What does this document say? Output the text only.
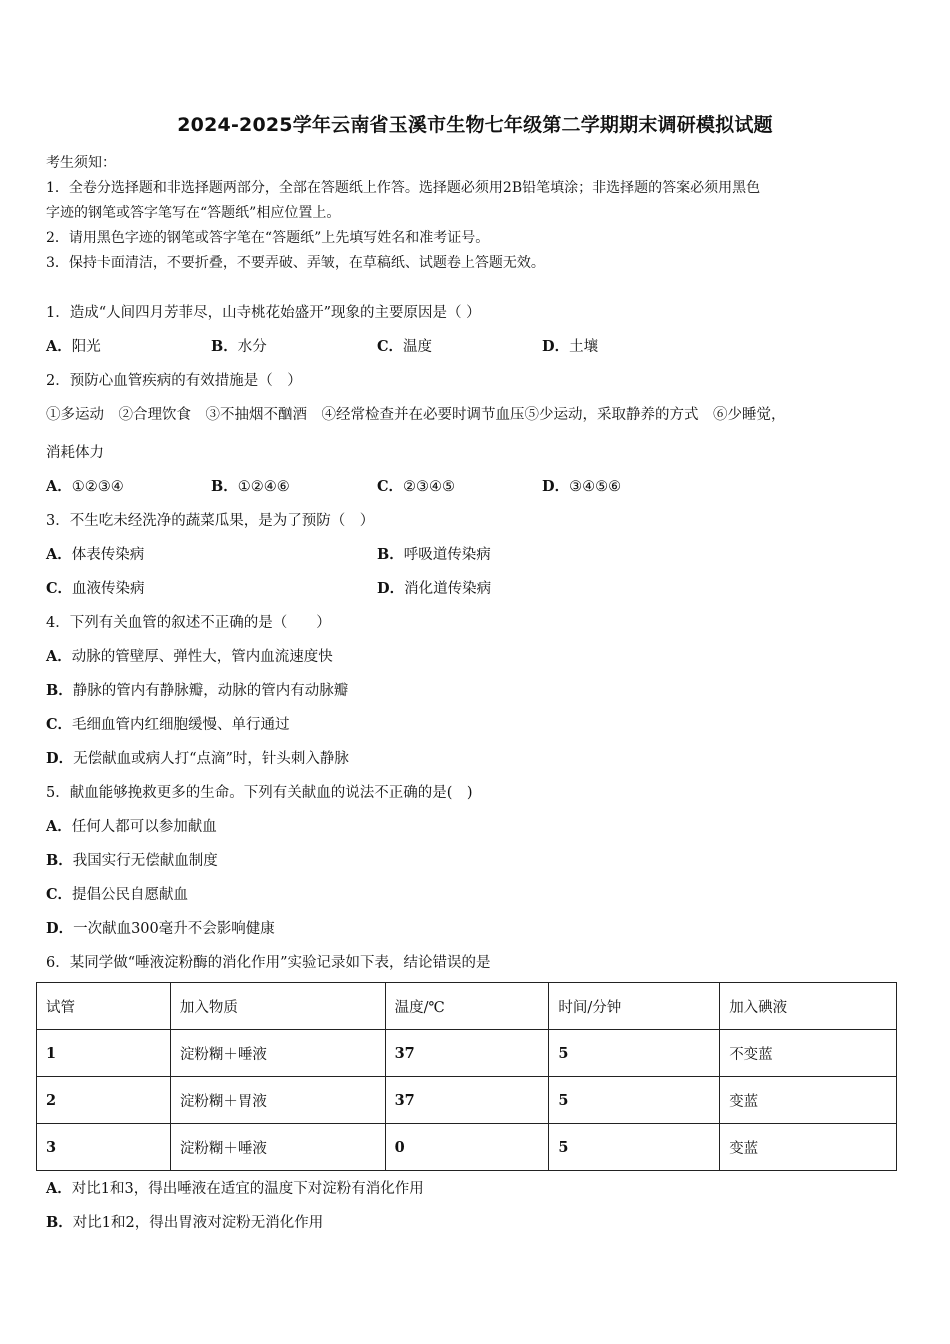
2024-2025学年云南省玉溪市生物七年级第二学期期末调研模拟试题
考生须知：
1．全卷分选择题和非选择题两部分，全部在答题纸上作答。选择题必须用2B铅笔填涂；非选择题的答案必须用黑色
字迹的钢笔或答字笔写在“答题纸”相应位置上。
2．请用黑色字迹的钢笔或答字笔在“答题纸”上先填写姓名和准考证号。
3．保持卡面清洁，不要折叠，不要弄破、弄皱，在草稿纸、试题卷上答题无效。
1．造成“人间四月芳菲尽，山寺桃花始盛开”现象的主要原因是（ ）
A．阳光	B．水分	C．温度	D．土壤
2．预防心血管疾病的有效措施是（　）
①多运动　②合理饮食　③不抽烟不酗酒　④经常检查并在必要时调节血压⑤少运动，采取静养的方式　⑥少睡觉，
消耗体力
A．①②③④	B．①②④⑥	C．②③④⑤	D．③④⑤⑥
3．不生吃未经洗净的蔬菜瓜果，是为了预防（　）
A．体表传染病	B．呼吸道传染病
C．血液传染病	D．消化道传染病
4．下列有关血管的叙述不正确的是（　　）
A．动脉的管壁厚、弹性大，管内血流速度快
B．静脉的管内有静脉瓣，动脉的管内有动脉瓣
C．毛细血管内红细胞缓慢、单行通过
D．无偿献血或病人打“点滴”时，针头刺入静脉
5．献血能够挽救更多的生命。下列有关献血的说法不正确的是(　)
A．任何人都可以参加献血
B．我国实行无偿献血制度
C．提倡公民自愿献血
D．一次献血300毫升不会影响健康
6．某同学做“唾液淀粉酶的消化作用”实验记录如下表，结论错误的是
试管	加入物质	温度/℃	时间/分钟	加入碘液
1	淀粉糊＋唾液	37	5	不变蓝
2	淀粉糊＋胃液	37	5	变蓝
3	淀粉糊＋唾液	0	5	变蓝
A．对比1和3，得出唾液在适宜的温度下对淀粉有消化作用
B．对比1和2，得出胃液对淀粉无消化作用
